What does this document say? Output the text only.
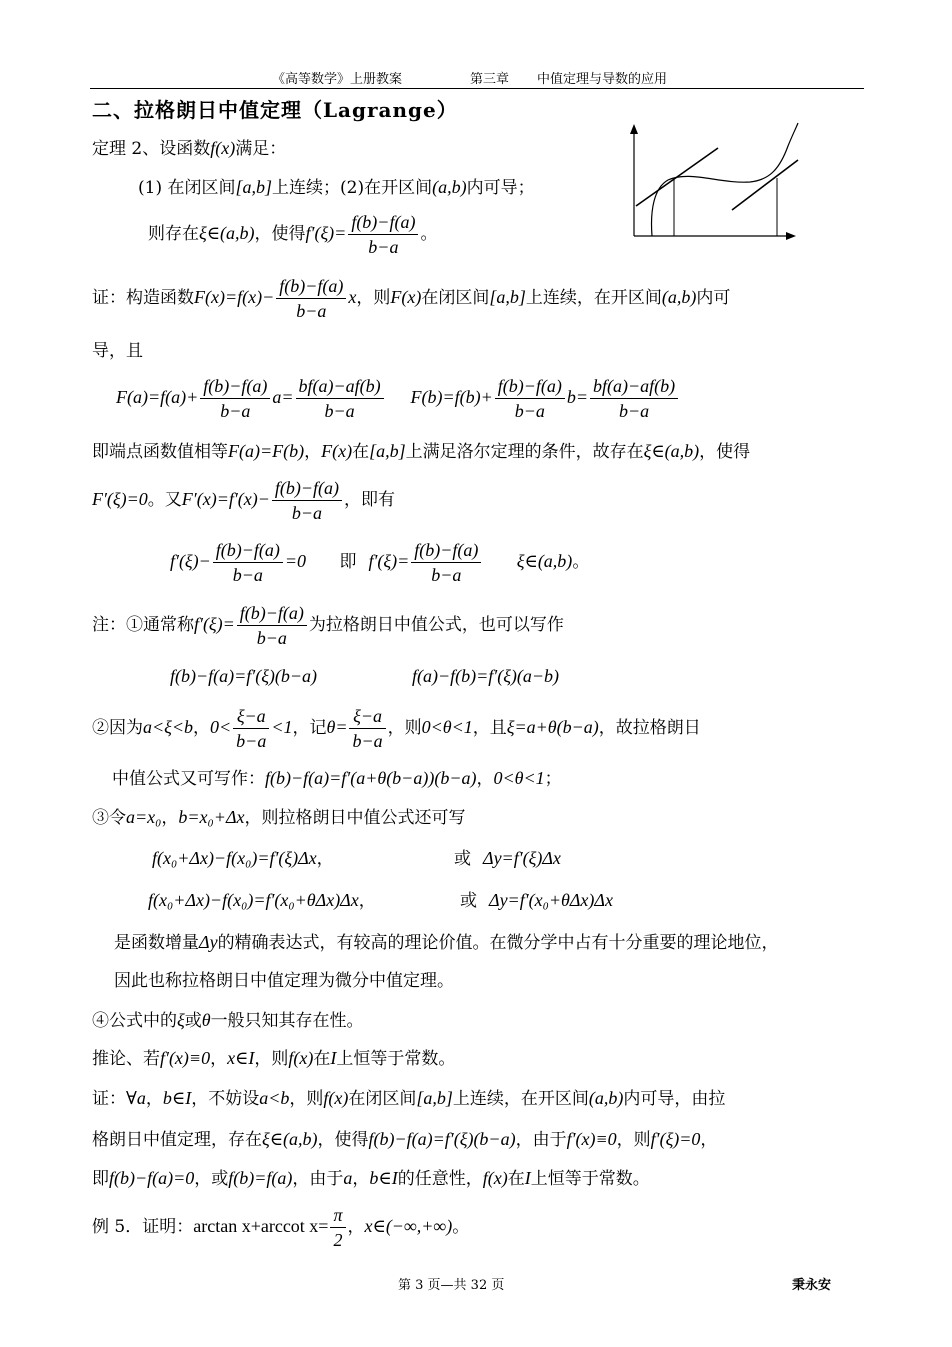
《高等数学》上册教案	第三章 中值定理与导数的应用
二、拉格朗日中值定理（Lagrange）
定理 2、设函数f(x)满足：
(1) 在闭区间[a,b]上连续；(2)在开区间(a,b)内可导；
则存在ξ∈(a,b)，使得$f'(\xi)= \frac{f(b)-f(a)}{b-a}$ 。
证：构造函数$F(x)=f(x)- \frac{f(b)-f(a)}{b-a}$ x，则F(x)在闭区间[a,b]上连续，在开区间(a,b)内可
导，且
$F(a)=f(a)+ \frac{f(b)-f(a)}{b-a} a= \frac{bf(a)-af(b)}{b-a} F(b)=f(b)+ \frac{f(b)-f(a)}{b-a} b= \frac{bf(a)-af(b)}{b-a}$
即端点函数值相等F(a)=F(b)，F(x)在[a,b]上满足洛尔定理的条件，故存在ξ∈(a,b)，使得
F′(ξ)=0。又$F'(x)=f'(x)- \frac{f(b)-f(a)}{b-a}$ ，即有
$f'(\xi)- \frac{f(b)-f(a)}{b-a} =0$ 即 $f'(\xi)= \frac{f(b)-f(a)}{b-a}$ ξ∈(a,b)。
注：①通常称$f'(\xi)= \frac{f(b)-f(a)}{b-a}$ 为拉格朗日中值公式，也可以写作
f(b)−f(a)=f′(ξ)(b−a)	f(a)−f(b)=f′(ξ)(a−b)
②因为a<ξ<b，$0< \frac{\xi-a}{b-a} <1$，记$\theta= \frac{\xi-a}{b-a}$ ，则0<θ<1，且ξ=a+θ(b−a)，故拉格朗日
中值公式又可写作：f(b)−f(a)=f′(a+θ(b−a))(b−a)，0<θ<1；
③令a=x₀，b=x₀+Δx，则拉格朗日中值公式还可写
f(x₀+Δx)−f(x₀)=f′(ξ)Δx，	或 Δy=f′(ξ)Δx
f(x₀+Δx)−f(x₀)=f′(x₀+θΔx)Δx，	或 Δy=f′(x₀+θΔx)Δx
是函数增量Δy的精确表达式，有较高的理论价值。在微分学中占有十分重要的理论地位，
因此也称拉格朗日中值定理为微分中值定理。
④公式中的ξ或θ一般只知其存在性。
推论、若f′(x)≡0，x∈I，则f(x)在I上恒等于常数。
证：∀a，b∈I，不妨设a<b，则f(x)在闭区间[a,b]上连续，在开区间(a,b)内可导，由拉
格朗日中值定理，存在ξ∈(a,b)，使得f(b)−f(a)=f′(ξ)(b−a)，由于f′(x)≡0，则f′(ξ)=0，
即f(b)−f(a)=0，或f(b)=f(a)，由于a，b∈I的任意性，f(x)在I上恒等于常数。
例 5．证明：arctan x+arccot $x= \frac{\pi}{2}$ ，x∈(−∞,+∞)。
第 3 页—共 32 页	秉永安
